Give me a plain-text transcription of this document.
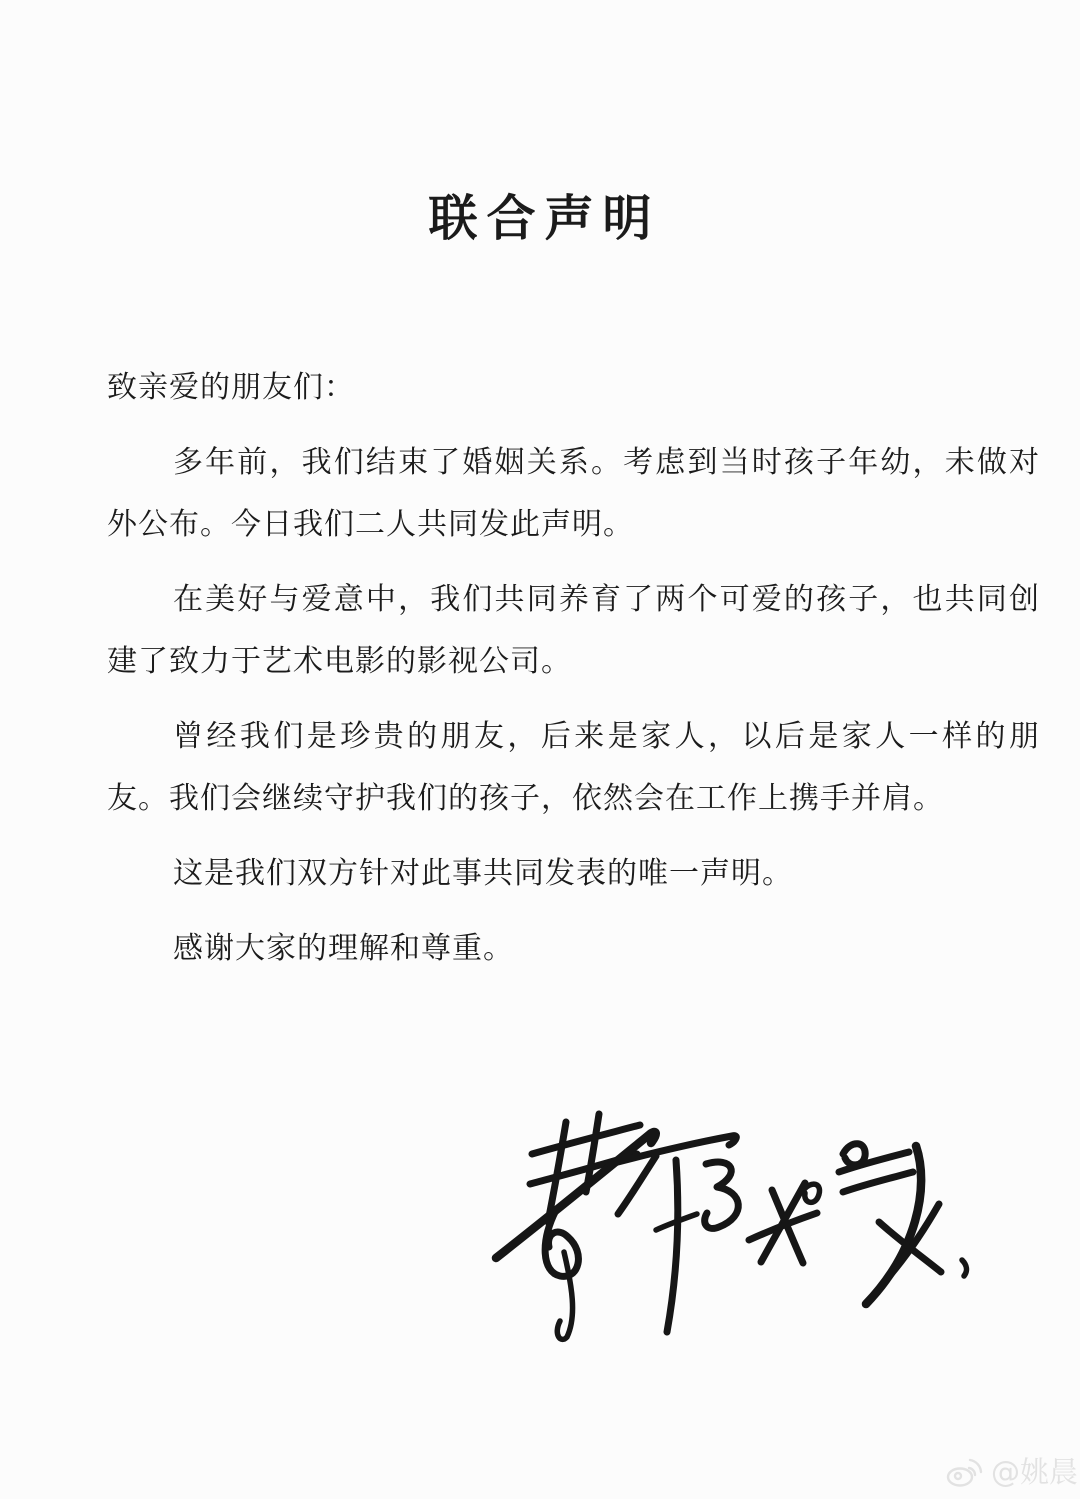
联合声明

致亲爱的朋友们：

多年前，我们结束了婚姻关系。考虑到当时孩子年幼，未做对外公布。今日我们二人共同发此声明。

在美好与爱意中，我们共同养育了两个可爱的孩子，也共同创建了致力于艺术电影的影视公司。

曾经我们是珍贵的朋友，后来是家人，以后是家人一样的朋友。我们会继续守护我们的孩子，依然会在工作上携手并肩。

这是我们双方针对此事共同发表的唯一声明。

感谢大家的理解和尊重。

@姚晨
